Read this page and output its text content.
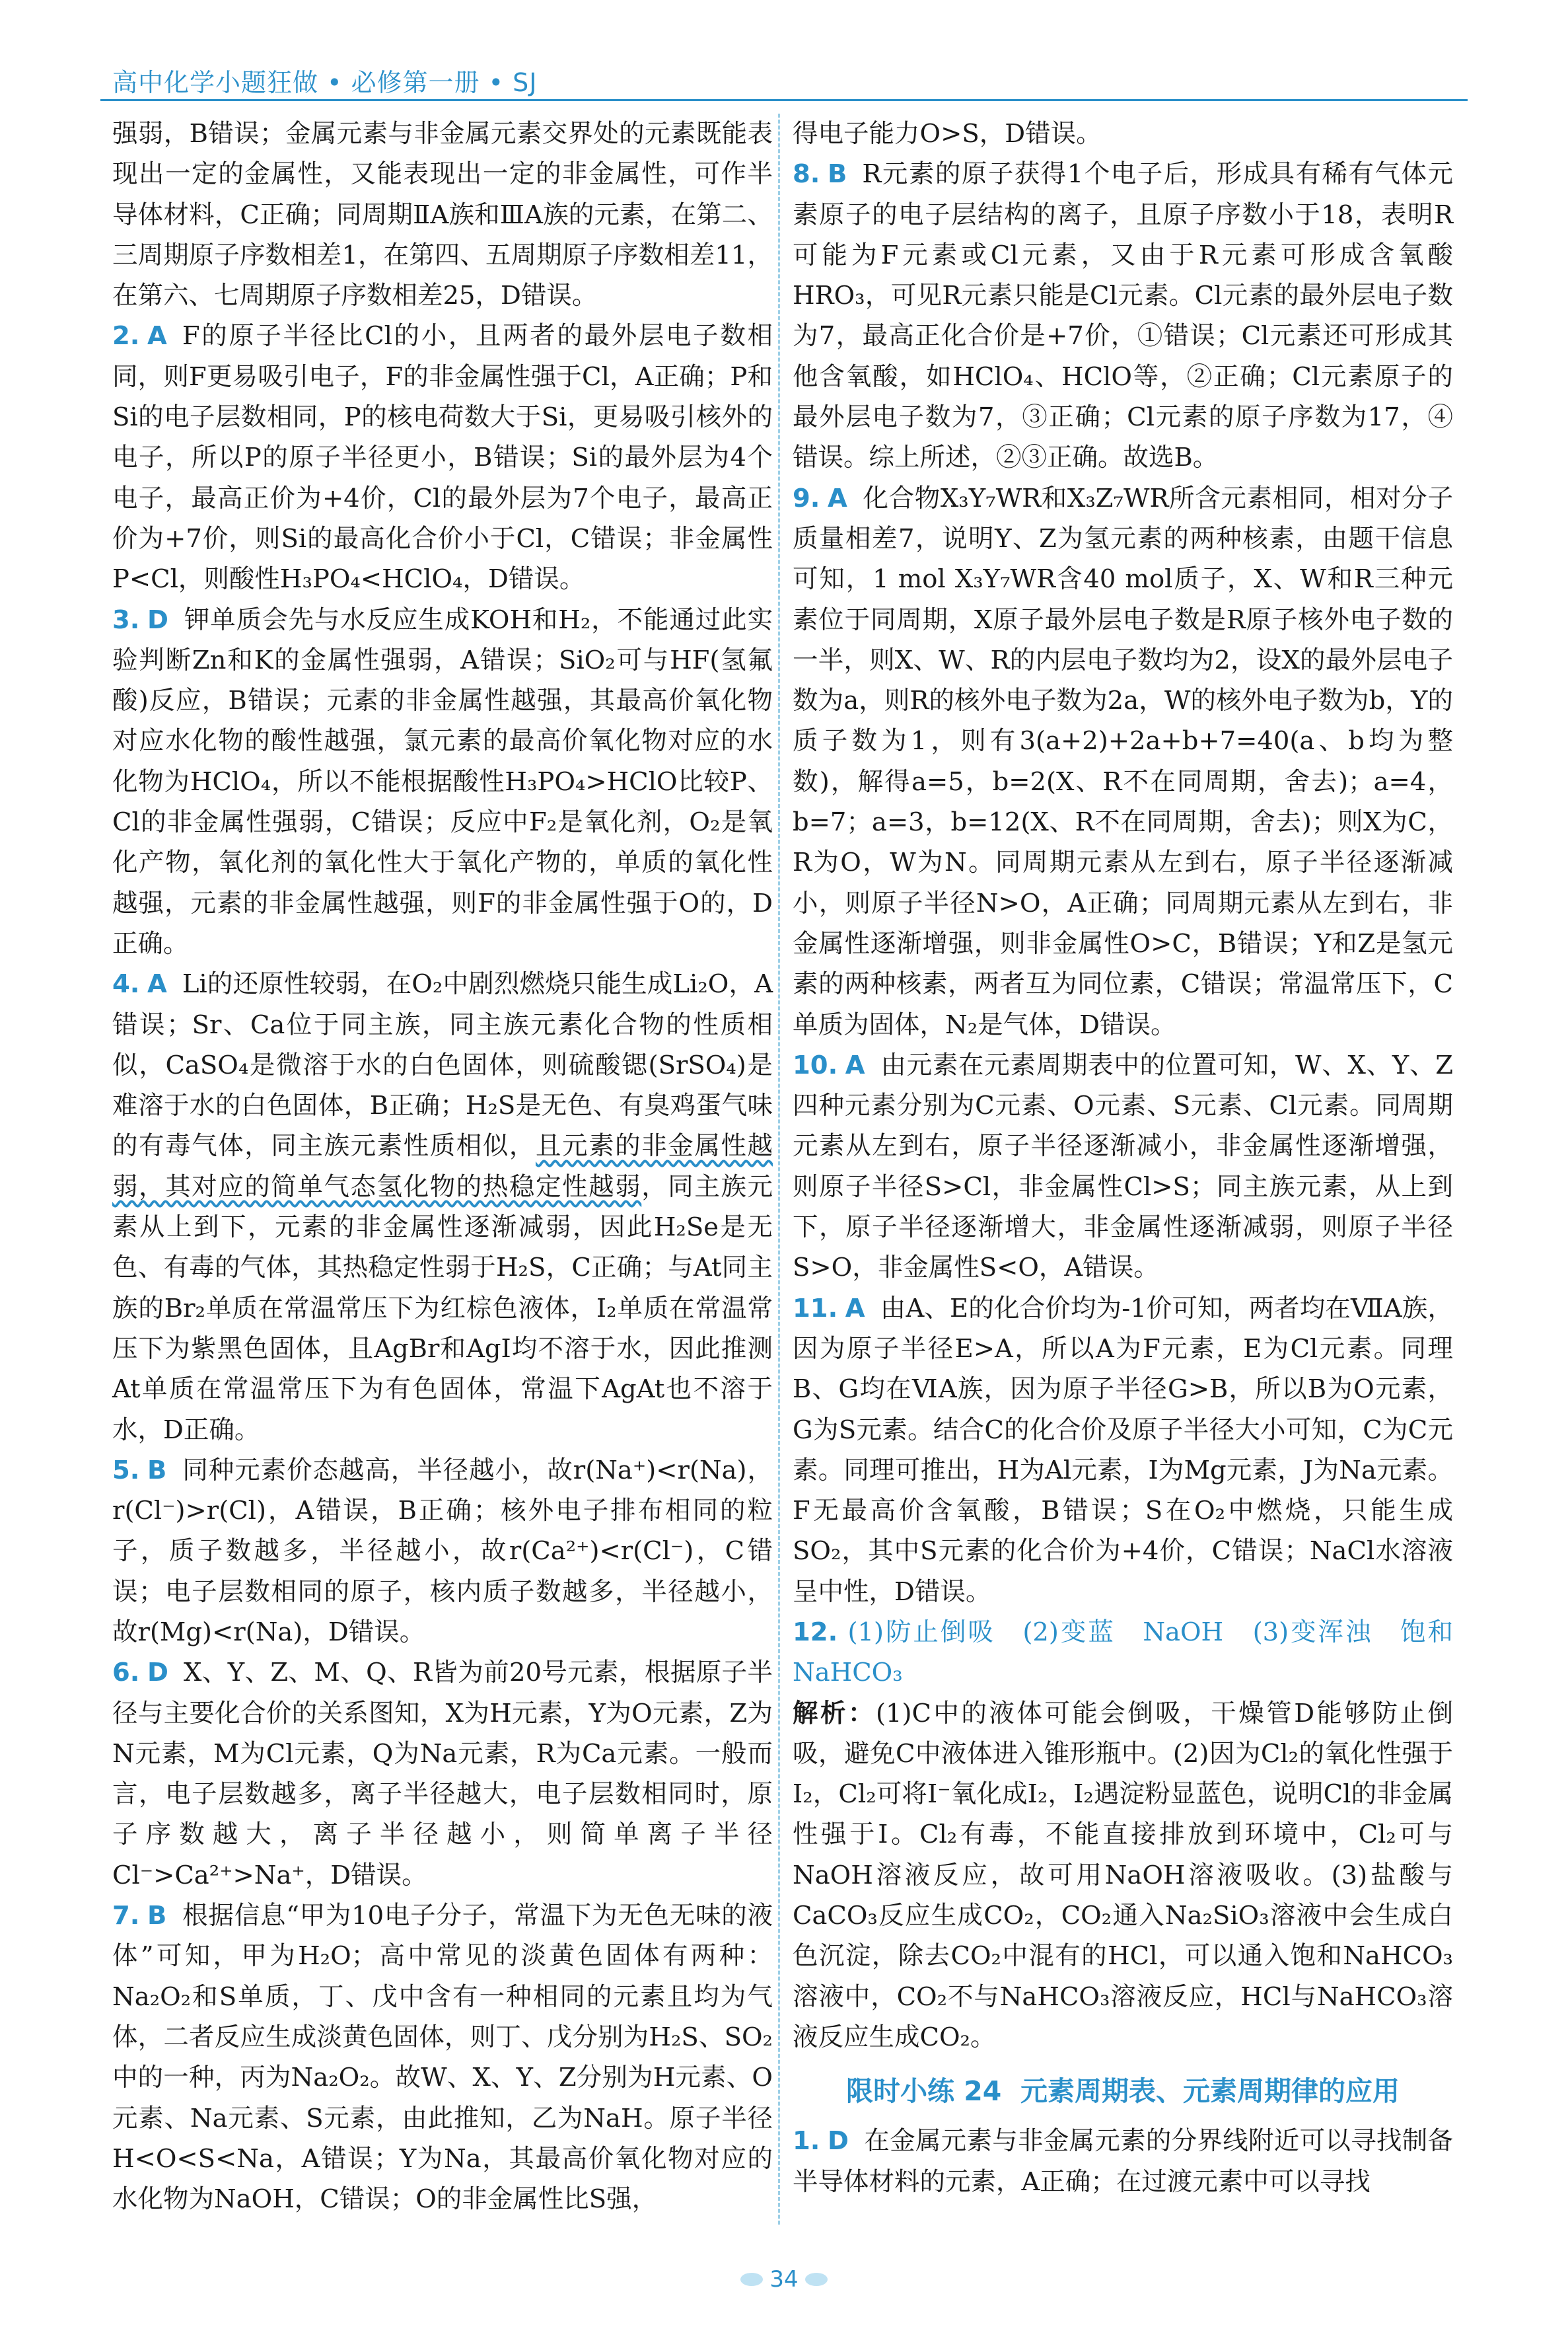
高中化学小题狂做 • 必修第一册 • SJ

强弱，B错误；金属元素与非金属元素交界处的元素既能表现出一定的金属性，又能表现出一定的非金属性，可作半导体材料，C正确；同周期ⅡA族和ⅢA族的元素，在第二、三周期原子序数相差1，在第四、五周期原子序数相差11，在第六、七周期原子序数相差25，D错误。

2. A F的原子半径比Cl的小，且两者的最外层电子数相同，则F更易吸引电子，F的非金属性强于Cl，A正确；P和Si的电子层数相同，P的核电荷数大于Si，更易吸引核外的电子，所以P的原子半径更小，B错误；Si的最外层为4个电子，最高正价为+4价，Cl的最外层为7个电子，最高正价为+7价，则Si的最高化合价小于Cl，C错误；非金属性P<Cl，则酸性H₃PO₄<HClO₄，D错误。

3. D 钾单质会先与水反应生成KOH和H₂，不能通过此实验判断Zn和K的金属性强弱，A错误；SiO₂可与HF(氢氟酸)反应，B错误；元素的非金属性越强，其最高价氧化物对应水化物的酸性越强，氯元素的最高价氧化物对应的水化物为HClO₄，所以不能根据酸性H₃PO₄>HClO比较P、Cl的非金属性强弱，C错误；反应中F₂是氧化剂，O₂是氧化产物，氧化剂的氧化性大于氧化产物的，单质的氧化性越强，元素的非金属性越强，则F的非金属性强于O的，D正确。

4. A Li的还原性较弱，在O₂中剧烈燃烧只能生成Li₂O，A错误；Sr、Ca位于同主族，同主族元素化合物的性质相似，CaSO₄是微溶于水的白色固体，则硫酸锶(SrSO₄)是难溶于水的白色固体，B正确；H₂S是无色、有臭鸡蛋气味的有毒气体，同主族元素性质相似，且元素的非金属性越弱，其对应的简单气态氢化物的热稳定性越弱，同主族元素从上到下，元素的非金属性逐渐减弱，因此H₂Se是无色、有毒的气体，其热稳定性弱于H₂S，C正确；与At同主族的Br₂单质在常温常压下为红棕色液体，I₂单质在常温常压下为紫黑色固体，且AgBr和AgI均不溶于水，因此推测At单质在常温常压下为有色固体，常温下AgAt也不溶于水，D正确。

5. B 同种元素价态越高，半径越小，故r(Na⁺)<r(Na)，r(Cl⁻)>r(Cl)，A错误，B正确；核外电子排布相同的粒子，质子数越多，半径越小，故r(Ca²⁺)<r(Cl⁻)，C错误；电子层数相同的原子，核内质子数越多，半径越小，故r(Mg)<r(Na)，D错误。

6. D X、Y、Z、M、Q、R皆为前20号元素，根据原子半径与主要化合价的关系图知，X为H元素，Y为O元素，Z为N元素，M为Cl元素，Q为Na元素，R为Ca元素。一般而言，电子层数越多，离子半径越大，电子层数相同时，原子序数越大，离子半径越小，则简单离子半径Cl⁻>Ca²⁺>Na⁺，D错误。

7. B 根据信息“甲为10电子分子，常温下为无色无味的液体”可知，甲为H₂O；高中常见的淡黄色固体有两种：Na₂O₂和S单质，丁、戊中含有一种相同的元素且均为气体，二者反应生成淡黄色固体，则丁、戊分别为H₂S、SO₂中的一种，丙为Na₂O₂。故W、X、Y、Z分别为H元素、O元素、Na元素、S元素，由此推知，乙为NaH。原子半径H<O<S<Na，A错误；Y为Na，其最高价氧化物对应的水化物为NaOH，C错误；O的非金属性比S强，

得电子能力O>S，D错误。

8. B R元素的原子获得1个电子后，形成具有稀有气体元素原子的电子层结构的离子，且原子序数小于18，表明R可能为F元素或Cl元素，又由于R元素可形成含氧酸HRO₃，可见R元素只能是Cl元素。Cl元素的最外层电子数为7，最高正化合价是+7价，①错误；Cl元素还可形成其他含氧酸，如HClO₄、HClO等，②正确；Cl元素原子的最外层电子数为7，③正确；Cl元素的原子序数为17，④错误。综上所述，②③正确。故选B。

9. A 化合物X₃Y₇WR和X₃Z₇WR所含元素相同，相对分子质量相差7，说明Y、Z为氢元素的两种核素，由题干信息可知，1 mol X₃Y₇WR含40 mol质子，X、W和R三种元素位于同周期，X原子最外层电子数是R原子核外电子数的一半，则X、W、R的内层电子数均为2，设X的最外层电子数为a，则R的核外电子数为2a，W的核外电子数为b，Y的质子数为1，则有3(a+2)+2a+b+7=40(a、b均为整数)，解得a=5，b=2(X、R不在同周期，舍去)；a=4，b=7；a=3，b=12(X、R不在同周期，舍去)；则X为C，R为O，W为N。同周期元素从左到右，原子半径逐渐减小，则原子半径N>O，A正确；同周期元素从左到右，非金属性逐渐增强，则非金属性O>C，B错误；Y和Z是氢元素的两种核素，两者互为同位素，C错误；常温常压下，C单质为固体，N₂是气体，D错误。

10. A 由元素在元素周期表中的位置可知，W、X、Y、Z四种元素分别为C元素、O元素、S元素、Cl元素。同周期元素从左到右，原子半径逐渐减小，非金属性逐渐增强，则原子半径S>Cl，非金属性Cl>S；同主族元素，从上到下，原子半径逐渐增大，非金属性逐渐减弱，则原子半径S>O，非金属性S<O，A错误。

11. A 由A、E的化合价均为-1价可知，两者均在ⅦA族，因为原子半径E>A，所以A为F元素，E为Cl元素。同理B、G均在ⅥA族，因为原子半径G>B，所以B为O元素，G为S元素。结合C的化合价及原子半径大小可知，C为C元素。同理可推出，H为Al元素，I为Mg元素，J为Na元素。F无最高价含氧酸，B错误；S在O₂中燃烧，只能生成SO₂，其中S元素的化合价为+4价，C错误；NaCl水溶液呈中性，D错误。

12. (1)防止倒吸　(2)变蓝　NaOH　(3)变浑浊　饱和NaHCO₃

解析：(1)C中的液体可能会倒吸，干燥管D能够防止倒吸，避免C中液体进入锥形瓶中。(2)因为Cl₂的氧化性强于I₂，Cl₂可将I⁻氧化成I₂，I₂遇淀粉显蓝色，说明Cl的非金属性强于I。Cl₂有毒，不能直接排放到环境中，Cl₂可与NaOH溶液反应，故可用NaOH溶液吸收。(3)盐酸与CaCO₃反应生成CO₂，CO₂通入Na₂SiO₃溶液中会生成白色沉淀，除去CO₂中混有的HCl，可以通入饱和NaHCO₃溶液中，CO₂不与NaHCO₃溶液反应，HCl与NaHCO₃溶液反应生成CO₂。

限时小练 24 元素周期表、元素周期律的应用

1. D 在金属元素与非金属元素的分界线附近可以寻找制备半导体材料的元素，A正确；在过渡元素中可以寻找

34
